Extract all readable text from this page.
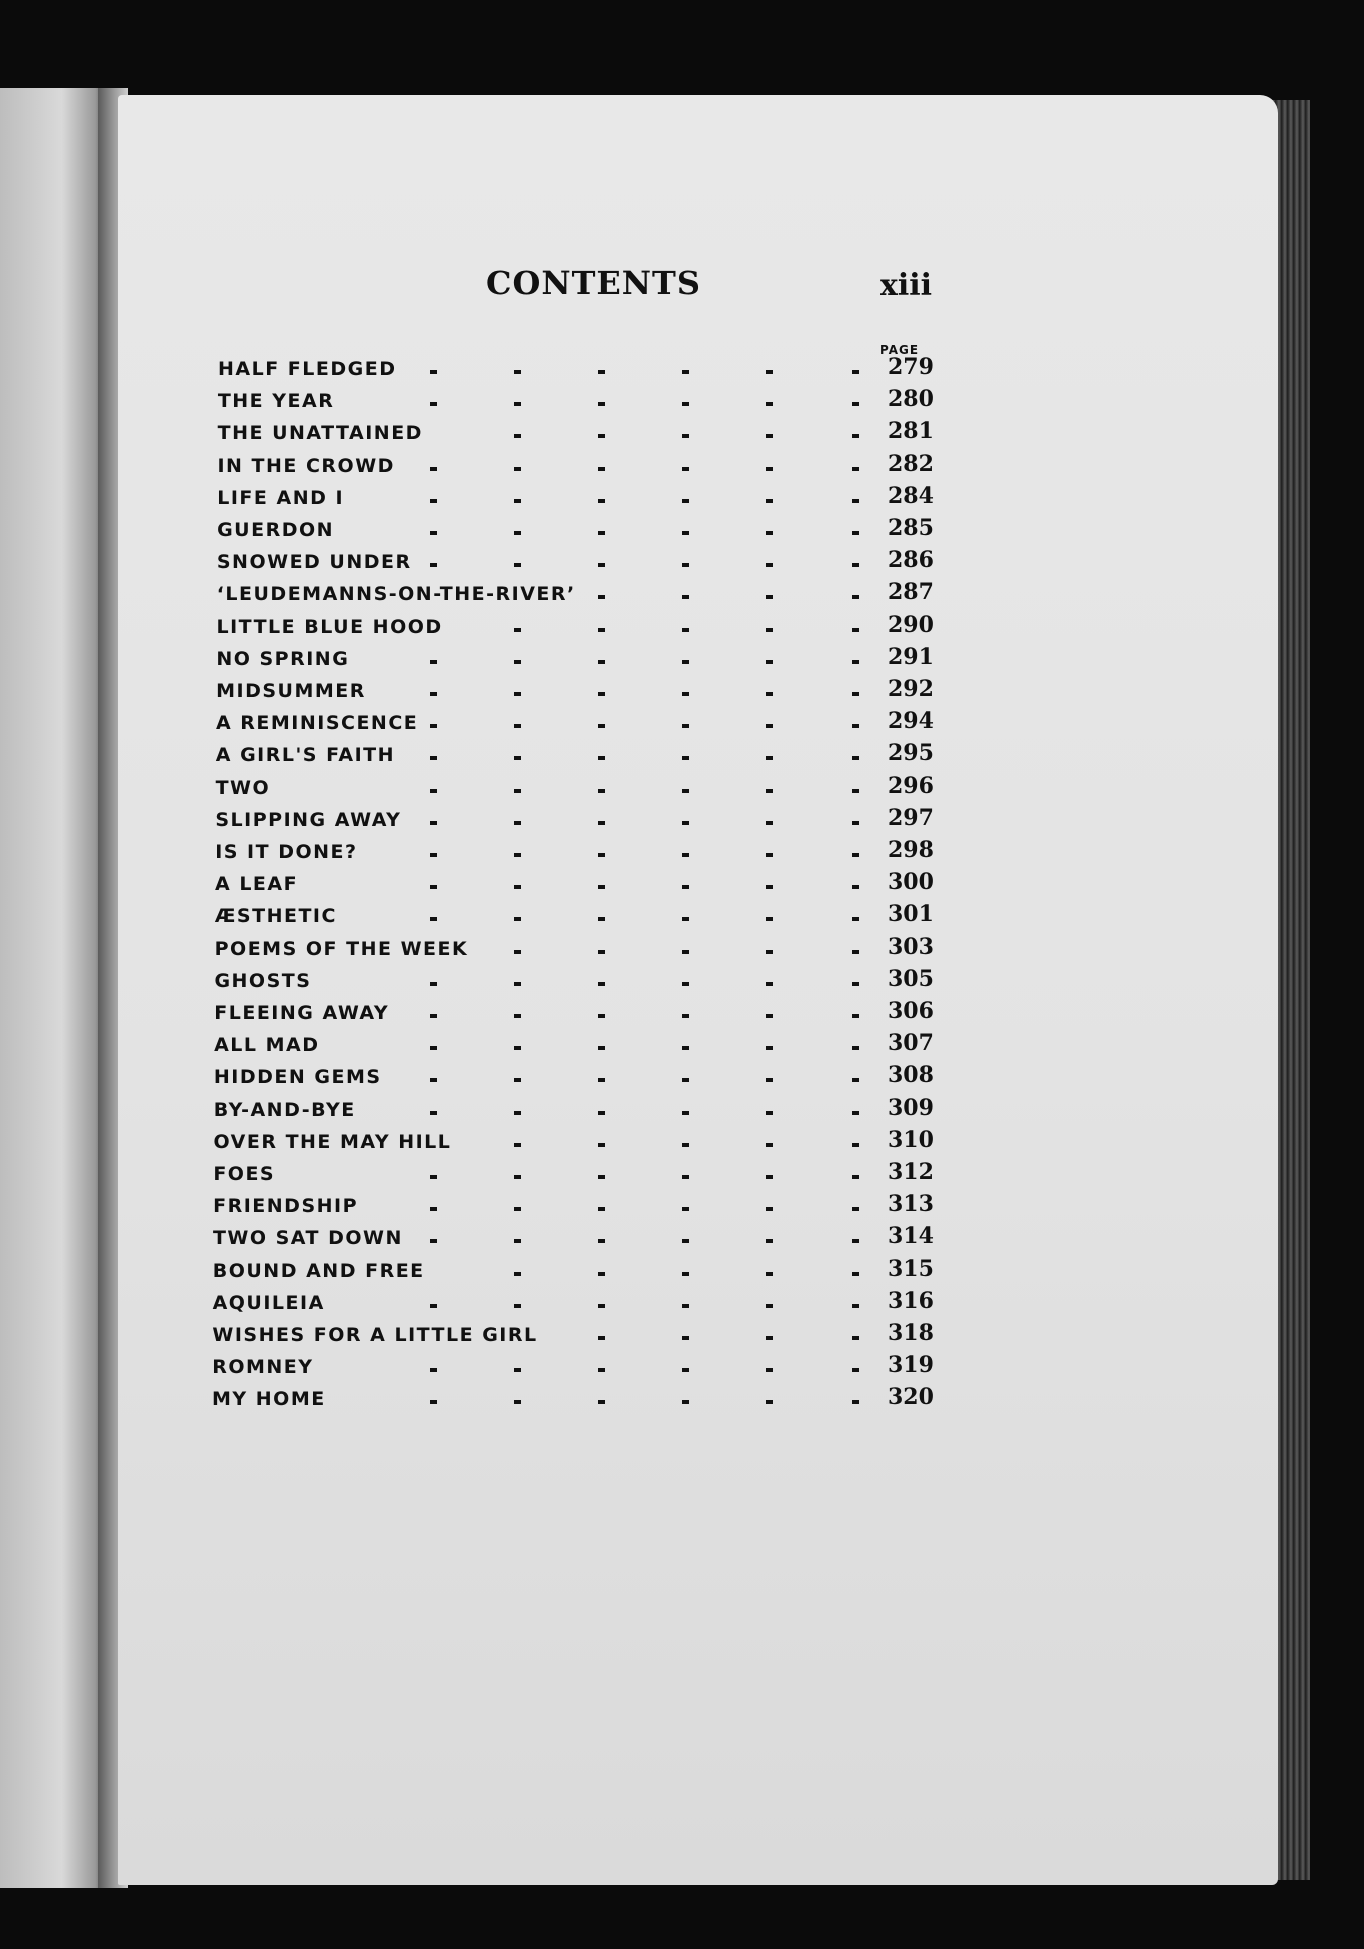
CONTENTS	xiii
PAGE
HALF FLEDGED	279
THE YEAR	280
THE UNATTAINED	281
IN THE CROWD	282
LIFE AND I	284
GUERDON	285
SNOWED UNDER	286
‘LEUDEMANNS-ON-THE-RIVER’	287
LITTLE BLUE HOOD	290
NO SPRING	291
MIDSUMMER	292
A REMINISCENCE	294
A GIRL'S FAITH	295
TWO	296
SLIPPING AWAY	297
IS IT DONE?	298
A LEAF	300
ÆSTHETIC	301
POEMS OF THE WEEK	303
GHOSTS	305
FLEEING AWAY	306
ALL MAD	307
HIDDEN GEMS	308
BY-AND-BYE	309
OVER THE MAY HILL	310
FOES	312
FRIENDSHIP	313
TWO SAT DOWN	314
BOUND AND FREE	315
AQUILEIA	316
WISHES FOR A LITTLE GIRL	318
ROMNEY	319
MY HOME	320
